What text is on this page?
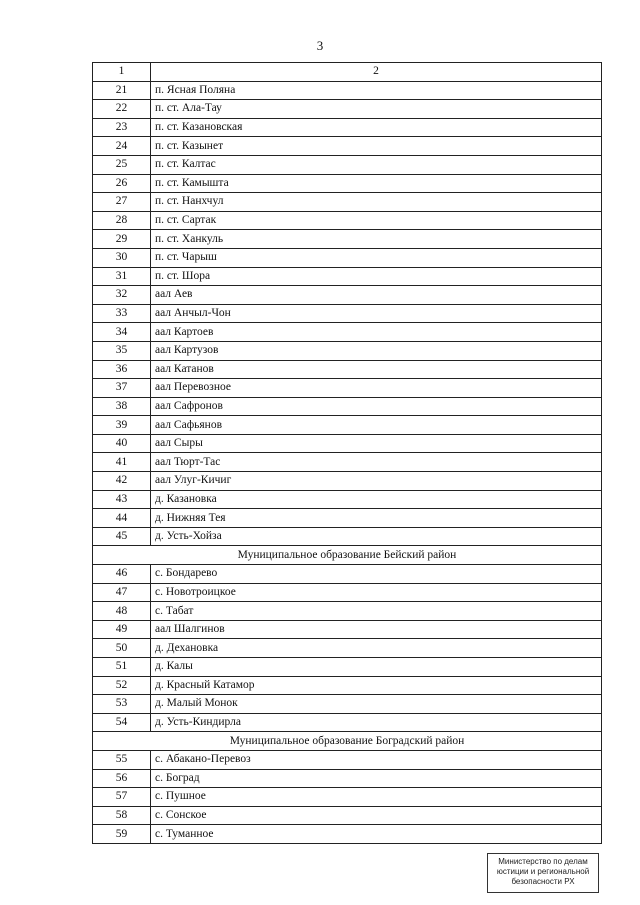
3
1	2
21	п. Ясная Поляна
22	п. ст. Ала-Тау
23	п. ст. Казановская
24	п. ст. Казынет
25	п. ст. Калтас
26	п. ст. Камышта
27	п. ст. Нанхчул
28	п. ст. Сартак
29	п. ст. Ханкуль
30	п. ст. Чарыш
31	п. ст. Шора
32	аал Аев
33	аал Анчыл-Чон
34	аал Картоев
35	аал Картузов
36	аал Катанов
37	аал Перевозное
38	аал Сафронов
39	аал Сафьянов
40	аал Сыры
41	аал Тюрт-Тас
42	аал Улуг-Кичиг
43	д. Казановка
44	д. Нижняя Тея
45	д. Усть-Хойза
Муниципальное образование Бейский район	
46	с. Бондарево
47	с. Новотроицкое
48	с. Табат
49	аал Шалгинов
50	д. Дехановка
51	д. Калы
52	д. Красный Катамор
53	д. Малый Монок
54	д. Усть-Киндирла
Муниципальное образование Боградский район	
55	с. Абакано-Перевоз
56	с. Боград
57	с. Пушное
58	с. Сонское
59	с. Туманное
Министерство по делам
юстиции и региональной
безопасности РХ
